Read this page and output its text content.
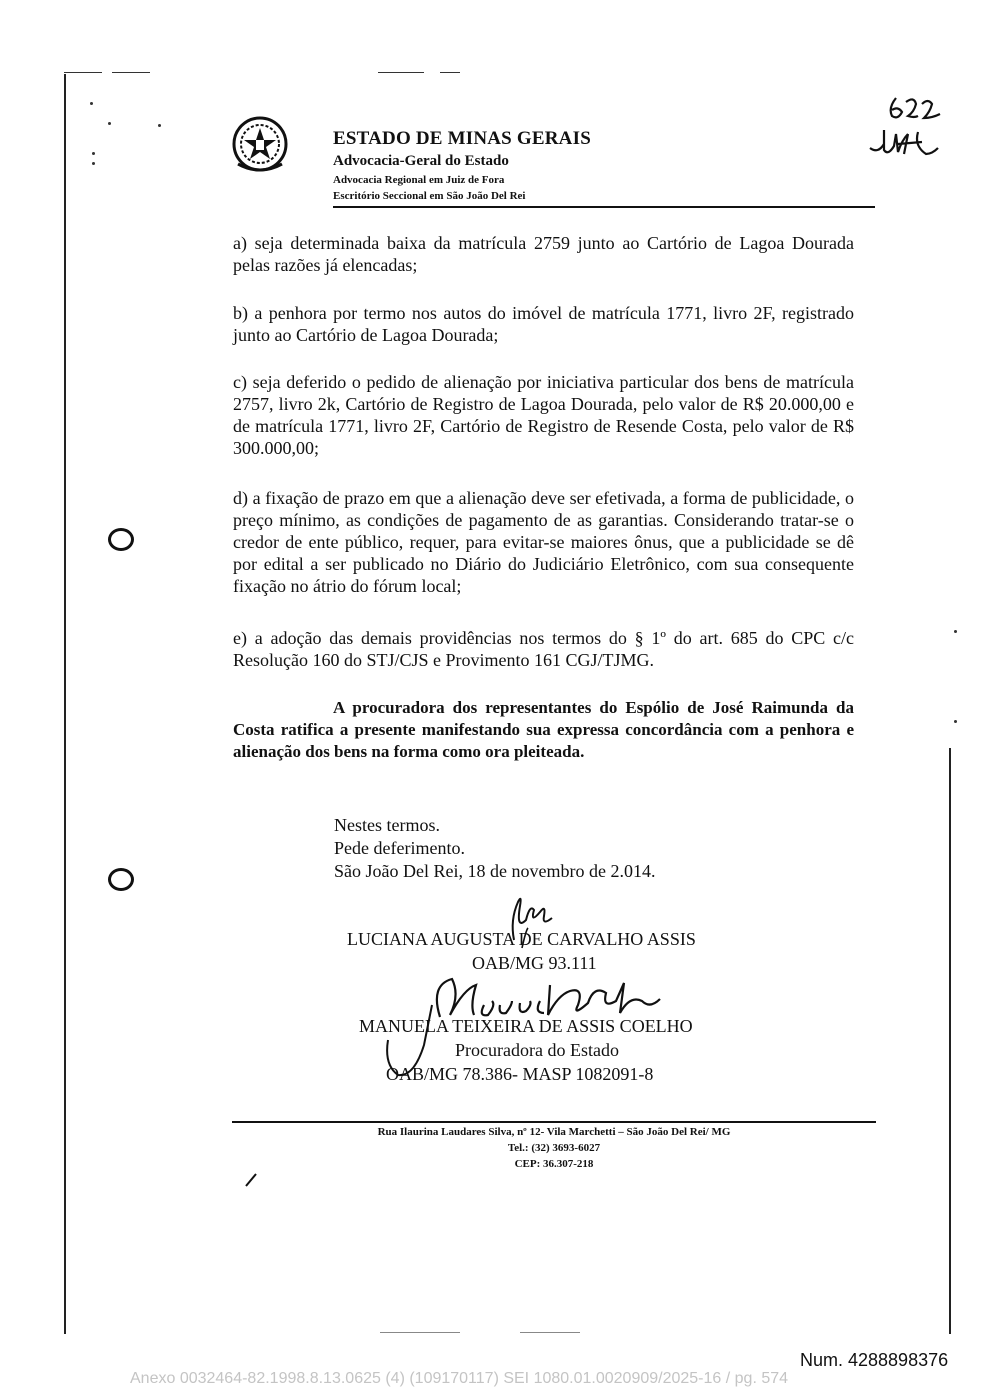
ESTADO DE MINAS GERAIS
Advocacia-Geral do Estado
Advocacia Regional em Juiz de Fora
Escritório Seccional em São João Del Rei
a) seja determinada baixa da matrícula 2759 junto ao Cartório de Lagoa Dourada pelas razões já elencadas;
b) a penhora por termo nos autos do imóvel de matrícula 1771, livro 2F, registrado junto ao Cartório de Lagoa Dourada;
c) seja deferido o pedido de alienação por iniciativa particular dos bens de matrícula 2757, livro 2k, Cartório de Registro de Lagoa Dourada, pelo valor de R$ 20.000,00 e de matrícula 1771, livro 2F, Cartório de Registro de Resende Costa, pelo valor de R$ 300.000,00;
d) a fixação de prazo em que a alienação deve ser efetivada, a forma de publicidade, o preço mínimo, as condições de pagamento de as garantias. Considerando tratar-se o credor de ente público, requer, para evitar-se maiores ônus, que a publicidade se dê por edital a ser publicado no Diário do Judiciário Eletrônico, com sua consequente fixação no átrio do fórum local;
e) a adoção das demais providências nos termos do § 1º do art. 685 do CPC c/c Resolução 160 do STJ/CJS e Provimento 161 CGJ/TJMG.
A procuradora dos representantes do Espólio de José Raimunda da Costa ratifica a presente manifestando sua expressa concordância com a penhora e alienação dos bens na forma como ora pleiteada.
Nestes termos.
Pede deferimento.
São João Del Rei, 18 de novembro de 2.014.
LUCIANA AUGUSTA DE CARVALHO ASSIS
OAB/MG 93.111
MANUELA TEIXEIRA DE ASSIS COELHO
Procuradora do Estado
OAB/MG 78.386- MASP 1082091-8
Rua Ilaurina Laudares Silva, nº 12- Vila Marchetti – São João Del Rei/ MG
Tel.: (32) 3693-6027
CEP: 36.307-218
Num. 4288898376
Anexo 0032464-82.1998.8.13.0625 (4) (109170117) SEI 1080.01.0020909/2025-16 / pg. 574
